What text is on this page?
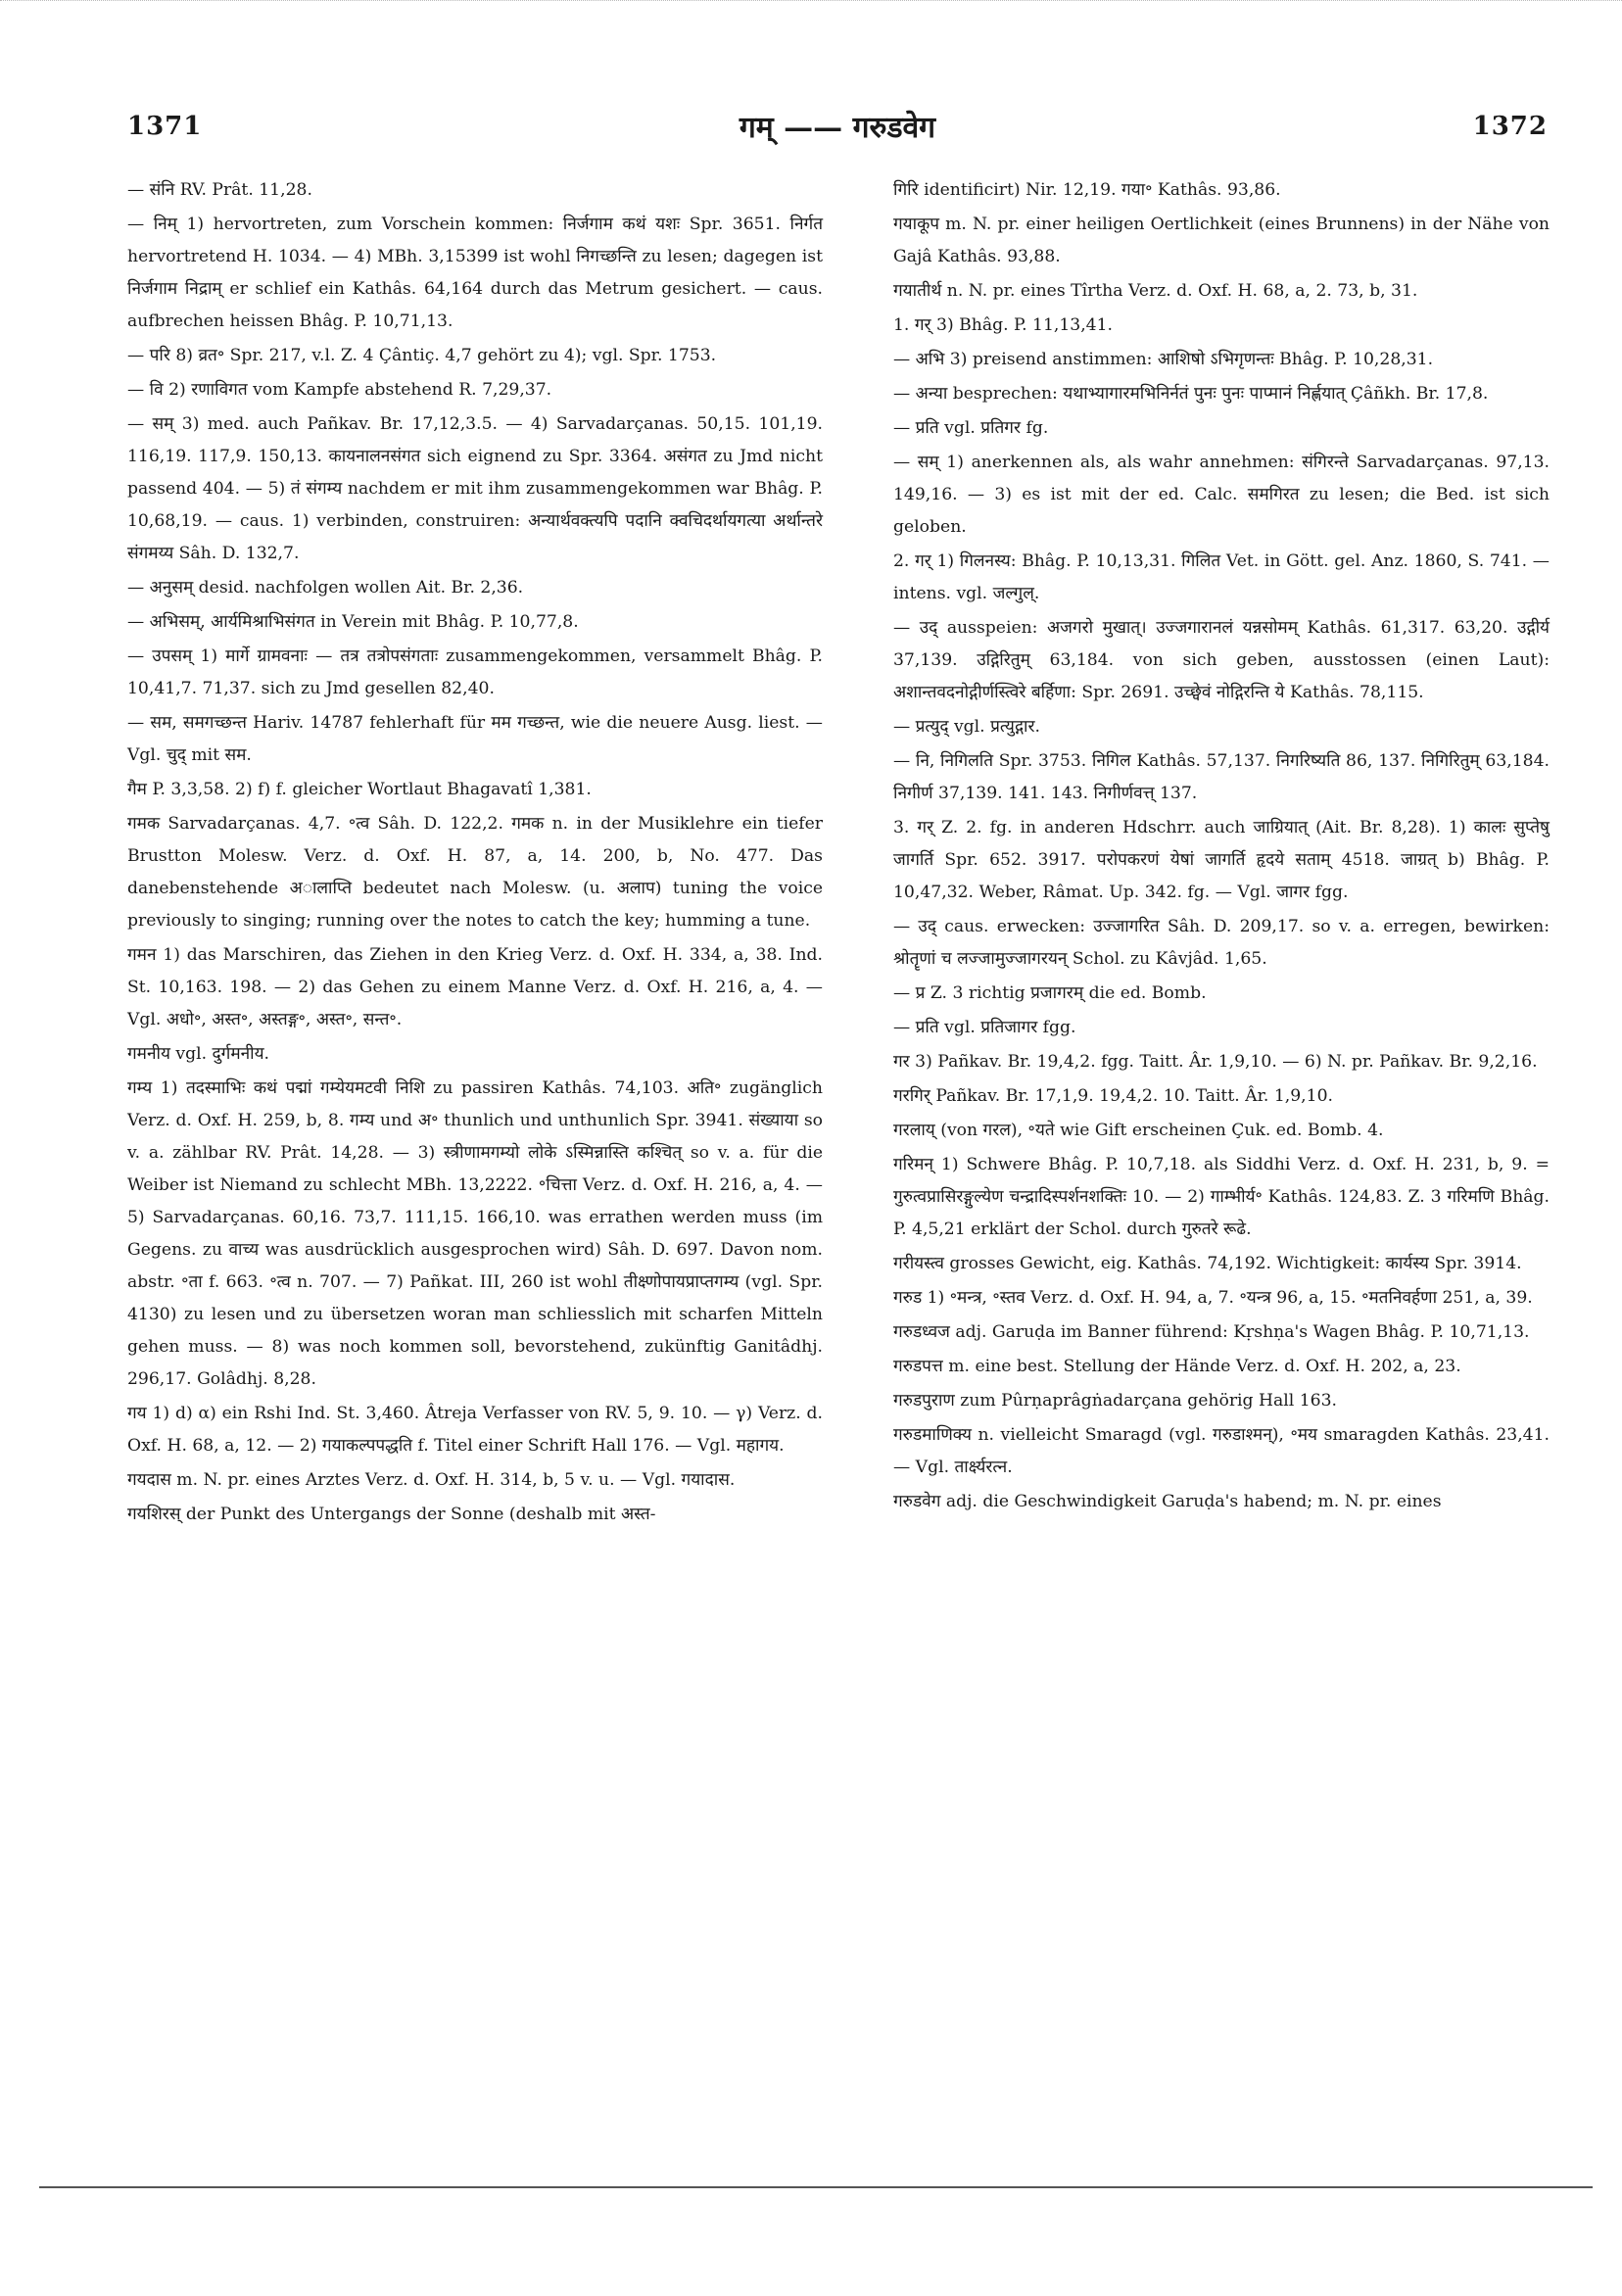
1371	गम् —— गरुडवेग	1372

— संनि RV. Prât. 11,28.

— निम् 1) hervortreten, zum Vorschein kommen: निर्जगाम कथं यशः Spr. 3651. निर्गत hervortretend H. 1034. — 4) MBh. 3,15399 ist wohl निगच्छन्ति zu lesen; dagegen ist निर्जगाम निद्राम् er schlief ein Kathâs. 64,164 durch das Metrum gesichert. — caus. aufbrechen heissen Bhâg. P. 10,71,13.

— परि 8) व्रत॰ Spr. 217, v.l. Z. 4 Çântiç. 4,7 gehört zu 4); vgl. Spr. 1753.

— वि 2) रणाविगत vom Kampfe abstehend R. 7,29,37.

— सम् 3) med. auch Pañkav. Br. 17,12,3.5. — 4) Sarvadarçanas. 50,15. 101,19. 116,19. 117,9. 150,13. कायनालनसंगत sich eignend zu Spr. 3364. असंगत zu Jmd nicht passend 404. — 5) तं संगम्य nachdem er mit ihm zusammengekommen war Bhâg. P. 10,68,19. — caus. 1) verbinden, construiren: अन्यार्थवक्त्यपि पदानि क्वचिदर्थायगत्या अर्थान्तरे संगमय्य Sâh. D. 132,7.

— अनुसम् desid. nachfolgen wollen Ait. Br. 2,36.

— अभिसम्, आर्यमिश्राभिसंगत in Verein mit Bhâg. P. 10,77,8.

— उपसम् 1) मार्गे ग्रामवनाः — तत्र तत्रोपसंगताः zusammengekommen, versammelt Bhâg. P. 10,41,7. 71,37. sich zu Jmd gesellen 82,40.

— सम, समगच्छन्त Hariv. 14787 fehlerhaft für मम गच्छन्त, wie die neuere Ausg. liest. — Vgl. चुद् mit सम.

गैम P. 3,3,58. 2) f) f. gleicher Wortlaut Bhagavatî 1,381.

गमक Sarvadarçanas. 4,7. ॰त्व Sâh. D. 122,2. गमक n. in der Musiklehre ein tiefer Brustton Molesw. Verz. d. Oxf. H. 87, a, 14. 200, b, No. 477. Das danebenstehende अालाप्ति bedeutet nach Molesw. (u. अलाप) tuning the voice previously to singing; running over the notes to catch the key; humming a tune.

गमन 1) das Marschiren, das Ziehen in den Krieg Verz. d. Oxf. H. 334, a, 38. Ind. St. 10,163. 198. — 2) das Gehen zu einem Manne Verz. d. Oxf. H. 216, a, 4. — Vgl. अधो॰, अस्त॰, अस्तङ्ग॰, अस्त॰, सन्त॰.

गमनीय vgl. दुर्गमनीय.

गम्य 1) तदस्माभिः कथं पद्मां गम्येयमटवी निशि zu passiren Kathâs. 74,103. अति॰ zugänglich Verz. d. Oxf. H. 259, b, 8. गम्य und अ॰ thunlich und unthunlich Spr. 3941. संख्याया so v. a. zählbar RV. Prât. 14,28. — 3) स्त्रीणामगम्यो लोके ऽस्मिन्नास्ति कश्चित् so v. a. für die Weiber ist Niemand zu schlecht MBh. 13,2222. ॰चित्ता Verz. d. Oxf. H. 216, a, 4. — 5) Sarvadarçanas. 60,16. 73,7. 111,15. 166,10. was errathen werden muss (im Gegens. zu वाच्य was ausdrücklich ausgesprochen wird) Sâh. D. 697. Davon nom. abstr. ॰ता f. 663. ॰त्व n. 707. — 7) Pañkat. III, 260 ist wohl तीक्ष्णोपायप्राप्तगम्य (vgl. Spr. 4130) zu lesen und zu übersetzen woran man schliesslich mit scharfen Mitteln gehen muss. — 8) was noch kommen soll, bevorstehend, zukünftig Ganitâdhj. 296,17. Golâdhj. 8,28.

गय 1) d) α) ein Rshi Ind. St. 3,460. Âtreja Verfasser von RV. 5, 9. 10. — γ) Verz. d. Oxf. H. 68, a, 12. — 2) गयाकल्पपद्धति f. Titel einer Schrift Hall 176. — Vgl. महागय.

गयदास m. N. pr. eines Arztes Verz. d. Oxf. H. 314, b, 5 v. u. — Vgl. गयादास.

गयशिरस् der Punkt des Untergangs der Sonne (deshalb mit अस्त-

गिरि identificirt) Nir. 12,19. गया॰ Kathâs. 93,86.

गयाकूप m. N. pr. einer heiligen Oertlichkeit (eines Brunnens) in der Nähe von Gajâ Kathâs. 93,88.

गयातीर्थ n. N. pr. eines Tîrtha Verz. d. Oxf. H. 68, a, 2. 73, b, 31.

1. गर् 3) Bhâg. P. 11,13,41.

— अभि 3) preisend anstimmen: आशिषो ऽभिगृणन्तः Bhâg. P. 10,28,31.

— अन्या besprechen: यथाभ्यागारमभिनिर्नतं पुनः पुनः पाप्मानं निर्ह्णयात् Çâñkh. Br. 17,8.

— प्रति vgl. प्रतिगर fg.

— सम् 1) anerkennen als, als wahr annehmen: संगिरन्ते Sarvadarçanas. 97,13. 149,16. — 3) es ist mit der ed. Calc. समगिरत zu lesen; die Bed. ist sich geloben.

2. गर् 1) गिलनस्य: Bhâg. P. 10,13,31. गिलित Vet. in Gött. gel. Anz. 1860, S. 741. — intens. vgl. जल्गुल्.

— उद् ausspeien: अजगरो मुखात्। उज्जगारानलं यन्नसोमम् Kathâs. 61,317. 63,20. उद्गीर्य 37,139. उद्गिरितुम् 63,184. von sich geben, ausstossen (einen Laut): अशान्तवदनोद्गीर्णस्त्विरे बर्हिणा: Spr. 2691. उच्छ्वेवं नोद्गिरन्ति ये Kathâs. 78,115.

— प्रत्युद् vgl. प्रत्युद्गार.

— नि, निगिलति Spr. 3753. निगिल Kathâs. 57,137. निगरिष्यति 86, 137. निगिरितुम् 63,184. निगीर्ण 37,139. 141. 143. निगीर्णवत्त् 137.

3. गर् Z. 2. fg. in anderen Hdschrr. auch जाग्रियात् (Ait. Br. 8,28). 1) कालः सुप्तेषु जागर्ति Spr. 652. 3917. परोपकरणं येषां जागर्ति हृदये सताम् 4518. जाग्रत् b) Bhâg. P. 10,47,32. Weber, Râmat. Up. 342. fg. — Vgl. जागर fgg.

— उद् caus. erwecken: उज्जागरित Sâh. D. 209,17. so v. a. erregen, bewirken: श्रोतॄणां च लज्जामुज्जागरयन् Schol. zu Kâvjâd. 1,65.

— प्र Z. 3 richtig प्रजागरम् die ed. Bomb.

— प्रति vgl. प्रतिजागर fgg.

गर 3) Pañkav. Br. 19,4,2. fgg. Taitt. Âr. 1,9,10. — 6) N. pr. Pañkav. Br. 9,2,16.

गरगिर् Pañkav. Br. 17,1,9. 19,4,2. 10. Taitt. Âr. 1,9,10.

गरलाय् (von गरल), ॰यते wie Gift erscheinen Çuk. ed. Bomb. 4.

गरिमन् 1) Schwere Bhâg. P. 10,7,18. als Siddhi Verz. d. Oxf. H. 231, b, 9. = गुरुत्वप्रासिरङ्गुल्येण चन्द्रादिस्पर्शनशक्तिः 10. — 2) गाम्भीर्य॰ Kathâs. 124,83. Z. 3 गरिमणि Bhâg. P. 4,5,21 erklärt der Schol. durch गुरुतरे रूढे.

गरीयस्त्व grosses Gewicht, eig. Kathâs. 74,192. Wichtigkeit: कार्यस्य Spr. 3914.

गरुड 1) ॰मन्त्र, ॰स्तव Verz. d. Oxf. H. 94, a, 7. ॰यन्त्र 96, a, 15. ॰मतनिवर्हणा 251, a, 39.

गरुडध्वज adj. Garuḍa im Banner führend: Kṛshṇa's Wagen Bhâg. P. 10,71,13.

गरुडपत्त m. eine best. Stellung der Hände Verz. d. Oxf. H. 202, a, 23.

गरुडपुराण zum Pûrṇaprâgṅadarçana gehörig Hall 163.

गरुडमाणिक्य n. vielleicht Smaragd (vgl. गरुडाश्मन्), ॰मय smaragden Kathâs. 23,41. — Vgl. तार्क्ष्यरत्न.

गरुडवेग adj. die Geschwindigkeit Garuḍa's habend; m. N. pr. eines
